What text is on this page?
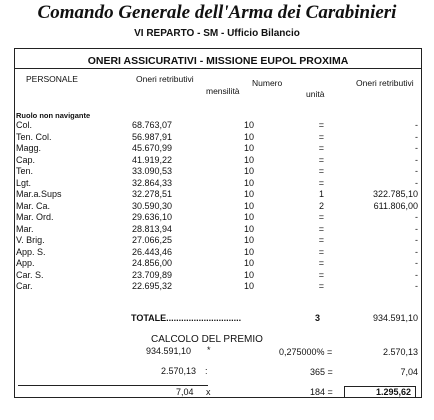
Comando Generale dell'Arma dei Carabinieri
VI REPARTO - SM - Ufficio Bilancio
ONERI ASSICURATIVI - MISSIONE EUPOL PROXIMA
PERSONALE	Oneri retributivi	Numero
mensilità	unità
Oneri retributivi
Ruolo non navigante
Col.	68.763,07	10	=	-
Ten. Col.	56.987,91	10	=	-
Magg.	45.670,99	10	=	-
Cap.	41.919,22	10	=	-
Ten.	33.090,53	10	=	-
Lgt.	32.864,33	10	=	-
Mar.a.Sups	32.278,51	10	1	322.785,10
Mar. Ca.	30.590,30	10	2	611.806,00
Mar. Ord.	29.636,10	10	=	-
Mar.	28.813,94	10	=	-
V. Brig.	27.066,25	10	=	-
App. S.	26.443,46	10	=	-
App.	24.856,00	10	=	-
Car. S.	23.709,89	10	=	-
Car.	22.695,32	10	=	-
TOTALE..............................	3	934.591,10
CALCOLO DEL PREMIO
934.591,10 *	0,275000% =	2.570,13
2.570,13 :	365 =	7,04
7,04 x	184 =	1.295,62
